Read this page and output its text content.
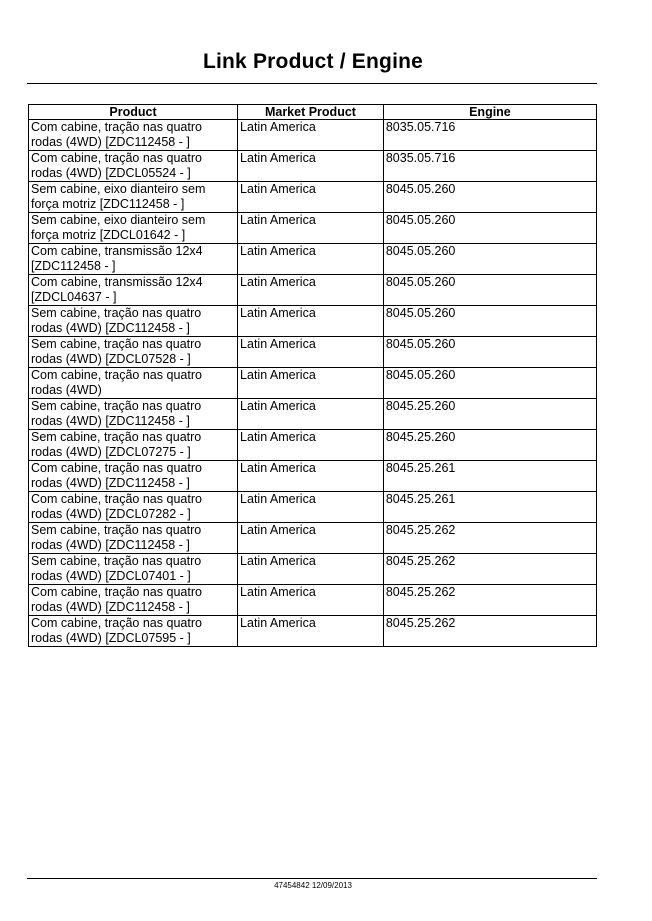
Link Product / Engine
Product	Market Product	Engine
Com cabine, tração nas quatro rodas (4WD) [ZDC112458 - ]	Latin America	8035.05.716
Com cabine, tração nas quatro rodas (4WD) [ZDCL05524 - ]	Latin America	8035.05.716
Sem cabine, eixo dianteiro sem força motriz [ZDC112458 - ]	Latin America	8045.05.260
Sem cabine, eixo dianteiro sem força motriz [ZDCL01642 - ]	Latin America	8045.05.260
Com cabine, transmissão 12x4 [ZDC112458 - ]	Latin America	8045.05.260
Com cabine, transmissão 12x4 [ZDCL04637 - ]	Latin America	8045.05.260
Sem cabine, tração nas quatro rodas (4WD) [ZDC112458 - ]	Latin America	8045.05.260
Sem cabine, tração nas quatro rodas (4WD) [ZDCL07528 - ]	Latin America	8045.05.260
Com cabine, tração nas quatro rodas (4WD)	Latin America	8045.05.260
Sem cabine, tração nas quatro rodas (4WD) [ZDC112458 - ]	Latin America	8045.25.260
Sem cabine, tração nas quatro rodas (4WD) [ZDCL07275 - ]	Latin America	8045.25.260
Com cabine, tração nas quatro rodas (4WD) [ZDC112458 - ]	Latin America	8045.25.261
Com cabine, tração nas quatro rodas (4WD) [ZDCL07282 - ]	Latin America	8045.25.261
Sem cabine, tração nas quatro rodas (4WD) [ZDC112458 - ]	Latin America	8045.25.262
Sem cabine, tração nas quatro rodas (4WD) [ZDCL07401 - ]	Latin America	8045.25.262
Com cabine, tração nas quatro rodas (4WD) [ZDC112458 - ]	Latin America	8045.25.262
Com cabine, tração nas quatro rodas (4WD) [ZDCL07595 - ]	Latin America	8045.25.262
47454842 12/09/2013
